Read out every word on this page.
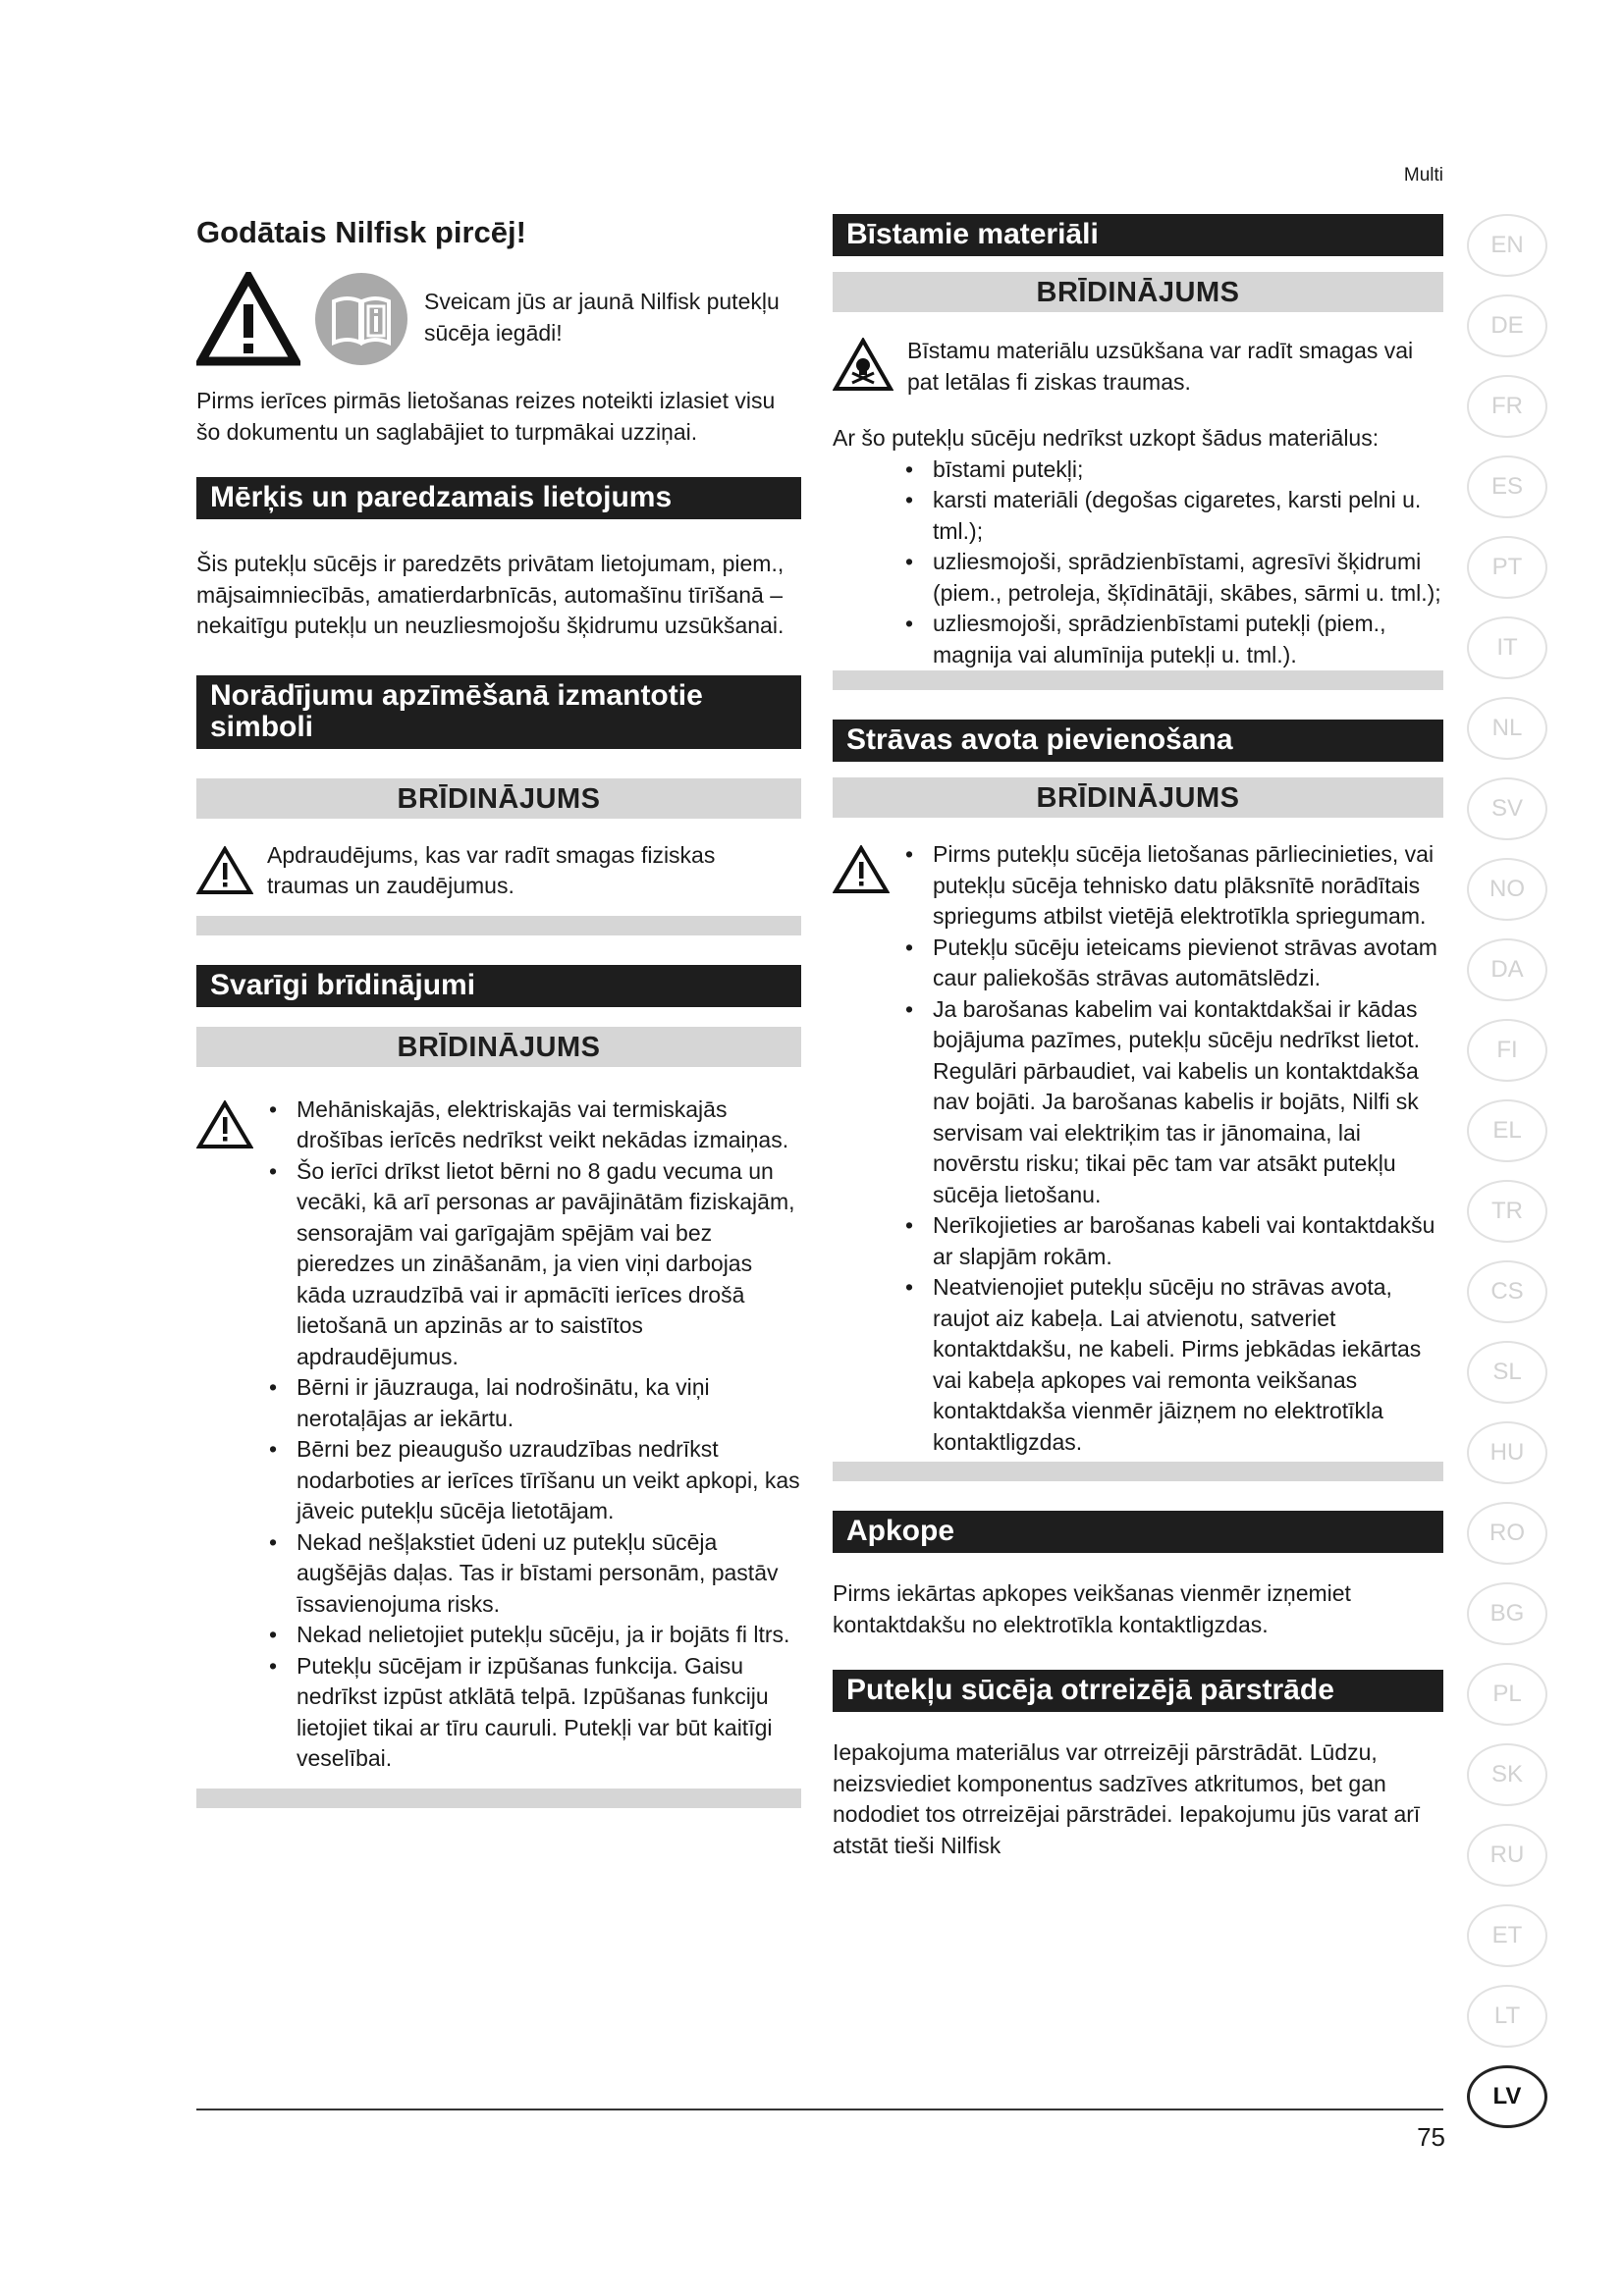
Multi
Godātais Nilfisk pircēj!
Sveicam jūs ar jaunā Nilfisk putekļu sūcēja iegādi!

Pirms ierīces pirmās lietošanas reizes noteikti izlasiet visu šo dokumentu un saglabājiet to turpmākai uzziņai.

Mērķis un paredzamais lietojums

Šis putekļu sūcējs ir paredzēts privātam lietojumam, piem., mājsaimniecībās, amatierdarbnīcās, automašīnu tīrīšanā – nekaitīgu putekļu un neuzliesmojošu šķidrumu uzsūkšanai.

Norādījumu apzīmēšanā izmantotie simboli
BRĪDINĀJUMS
Apdraudējums, kas var radīt smagas fiziskas traumas un zaudējumus.
Svarīgi brīdinājumi
BRĪDINĀJUMS
• Mehāniskajās, elektriskajās vai termiskajās drošības ierīcēs nedrīkst veikt nekādas izmaiņas.
• Šo ierīci drīkst lietot bērni no 8 gadu vecuma un vecāki, kā arī personas ar pavājinātām fiziskajām, sensorajām vai garīgajām spējām vai bez pieredzes un zināšanām, ja vien viņi darbojas kāda uzraudzībā vai ir apmācīti ierīces drošā lietošanā un apzinās ar to saistītos apdraudējumus.
• Bērni ir jāuzrauga, lai nodrošinātu, ka viņi nerotaļājas ar iekārtu.
• Bērni bez pieaugušo uzraudzības nedrīkst nodarboties ar ierīces tīrīšanu un veikt apkopi, kas jāveic putekļu sūcēja lietotājam.
• Nekad nešļakstiet ūdeni uz putekļu sūcēja augšējās daļas. Tas ir bīstami personām, pastāv īssavienojuma risks.
• Nekad nelietojiet putekļu sūcēju, ja ir bojāts fi ltrs.
• Putekļu sūcējam ir izpūšanas funkcija. Gaisu nedrīkst izpūst atklātā telpā. Izpūšanas funkciju lietojiet tikai ar tīru cauruli. Putekļi var būt kaitīgi veselībai.
Bīstamie materiāli
BRĪDINĀJUMS
Bīstamu materiālu uzsūkšana var radīt smagas vai pat letālas fi ziskas traumas.

Ar šo putekļu sūcēju nedrīkst uzkopt šādus materiālus:

• bīstami putekļi;
• karsti materiāli (degošas cigaretes, karsti pelni u. tml.);
• uzliesmojoši, sprādzienbīstami, agresīvi šķidrumi (piem., petroleja, šķīdinātāji, skābes, sārmi u. tml.);
• uzliesmojoši, sprādzienbīstami putekļi (piem., magnija vai alumīnija putekļi u. tml.).
Strāvas avota pievienošana
BRĪDINĀJUMS
• Pirms putekļu sūcēja lietošanas pārliecinieties, vai putekļu sūcēja tehnisko datu plāksnītē norādītais spriegums atbilst vietējā elektrotīkla spriegumam.
• Putekļu sūcēju ieteicams pievienot strāvas avotam caur paliekošās strāvas automātslēdzi.
• Ja barošanas kabelim vai kontaktdakšai ir kādas bojājuma pazīmes, putekļu sūcēju nedrīkst lietot. Regulāri pārbaudiet, vai kabelis un kontaktdakša nav bojāti. Ja barošanas kabelis ir bojāts, Nilfi sk servisam vai elektriķim tas ir jānomaina, lai novērstu risku; tikai pēc tam var atsākt putekļu sūcēja lietošanu.
• Nerīkojieties ar barošanas kabeli vai kontaktdakšu ar slapjām rokām.
• Neatvienojiet putekļu sūcēju no strāvas avota, raujot aiz kabeļa. Lai atvienotu, satveriet kontaktdakšu, ne kabeli. Pirms jebkādas iekārtas vai kabeļa apkopes vai remonta veikšanas kontaktdakša vienmēr jāizņem no elektrotīkla kontaktligzdas.
Apkope

Pirms iekārtas apkopes veikšanas vienmēr izņemiet kontaktdakšu no elektrotīkla kontaktligzdas.

Putekļu sūcēja otrreizējā pārstrāde

Iepakojuma materiālus var otrreizēji pārstrādāt. Lūdzu, neizsviediet komponentus sadzīves atkritumos, bet gan nododiet tos otrreizējai pārstrādei. Iepakojumu jūs varat arī atstāt tieši Nilfisk

EN
DE
FR
ES
PT
IT
NL
SV
NO
DA
FI
EL
TR
CS
SL
HU
RO
BG
PL
SK
RU
ET
LT
LV
75
